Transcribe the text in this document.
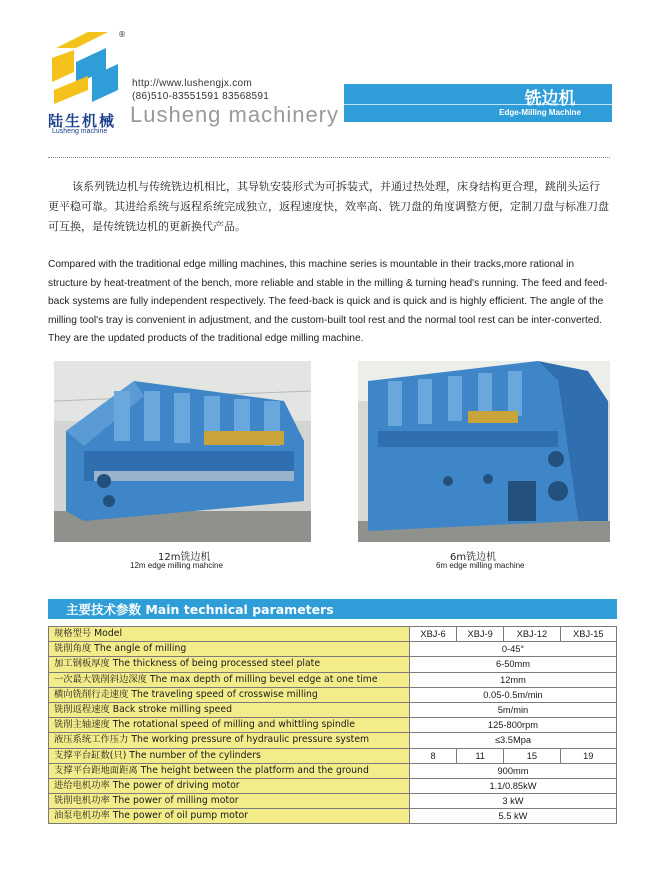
®
陆生机械
Lusheng machine
http://www.lushengjx.com
(86)510-83551591 83568591
Lusheng machinery
铣边机
Edge-Milling Machine
该系列铣边机与传统铣边机相比，其导轨安装形式为可拆装式，并通过热处理，床身结构更合理，跳削头运行更平稳可靠。其进给系统与返程系统完成独立，返程速度快，效率高、铣刀盘的角度调整方便，定制刀盘与标准刀盘可互换，是传统铣边机的更新换代产品。
Compared with the traditional edge milling machines, this machine series is mountable in their tracks,more rational in structure by heat-treatment of the bench, more reliable and stable in the milling & turning head's running. The feed and feed-back systems are fully independent respectively. The feed-back is quick and is quick and is highly efficient. The angle of the milling tool's tray is convenient in adjustment, and the custom-built tool rest and the normal tool rest can be inter-converted. They are the updated products of the traditional edge milling machine.
12m铣边机
12m edge milling mahcine
6m铣边机
6m edge milling machine
主要技术参数 Main technical parameters
规格型号 Model	XBJ-6	XBJ-9	XBJ-12	XBJ-15
铣削角度 The angle of milling	0-45°			
加工钢板厚度 The thickness of being processed steel plate	6-50mm			
一次最大铣削斜边深度 The max depth of milling bevel edge at one time	12mm			
横向铣削行走速度 The traveling speed of crosswise milling	0.05-0.5m/min			
铣削返程速度 Back stroke milling speed	5m/min			
铣削主轴速度 The rotational speed of milling and whittling spindle	125-800rpm			
液压系统工作压力 The working pressure of hydraulic pressure system	≤3.5Mpa			
支撑平台缸数(只) The number of the cylinders	8	11	15	19
支撑平台距地面距离 The height between the platform and the ground	900mm			
进给电机功率 The power of driving motor	1.1/0.85kW			
铣削电机功率 The power of milling motor	3 kW			
油泵电机功率 The power of oil pump motor	5.5 kW			
